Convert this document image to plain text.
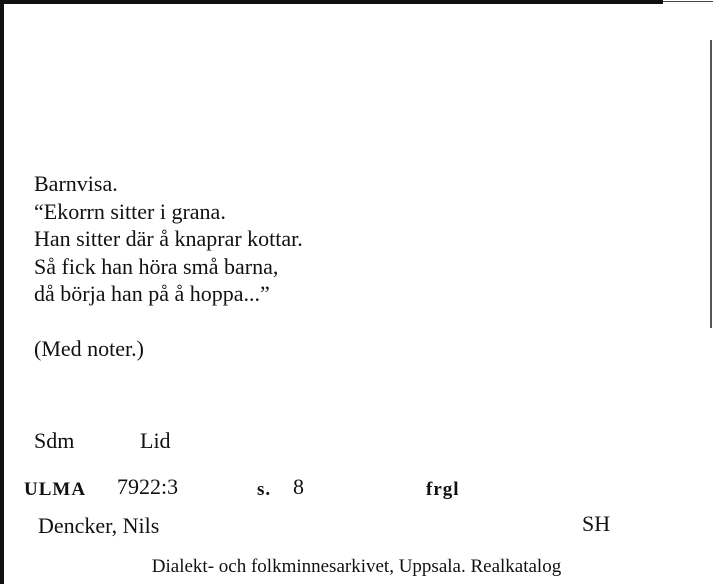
Barnvisa.
“Ekorrn sitter i grana.
Han sitter där å knaprar kottar.
Så fick han höra små barna,
då börja han på å hoppa...”
(Med noter.)
Sdm	Lid
ULMA 7922:3	s. 8	frgl
Dencker, Nils	SH
Dialekt- och folkminnesarkivet, Uppsala. Realkatalog
